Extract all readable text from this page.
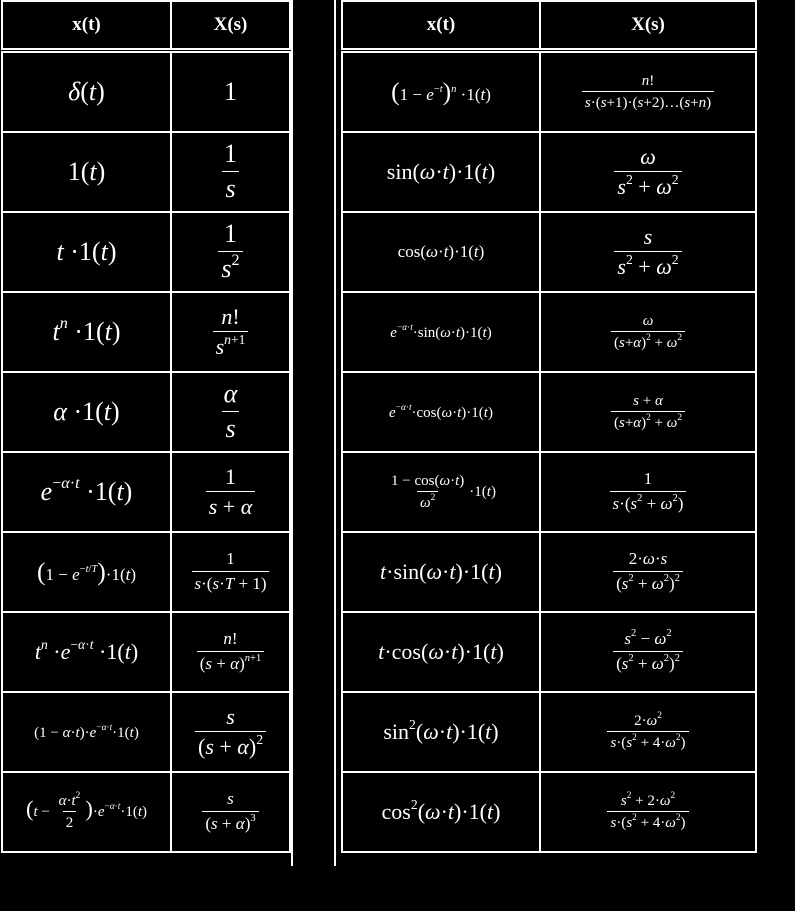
x(t)	X(s)
δ(t)	1
1(t)	$\frac{1}{s}$

t ·1(t)	$\frac{1}{s^2}$

$t^n \cdot 1(t)$	$\frac{n!}{s^{n+1}}$

α ·1(t)	$\frac{\alpha}{s}$

$e^{-\alpha\cdot t} \cdot 1(t)$	$\frac{1}{s + \alpha}$

$(1 - e^{-t/T})\cdot 1(t)$	$\frac{1}{s\cdot(s\cdot T + 1)}$

$t^n \cdot e^{-\alpha\cdot t} \cdot 1(t)$	$\frac{n!}{(s + \alpha)^{n+1}}$

$(1 - \alpha\cdot t)\cdot e^{-\alpha\cdot t}\cdot 1(t)$	$\frac{s}{(s + \alpha)^2}$

$(t - \frac{\alpha\cdot t^2}{2} )\cdot e^{-\alpha\cdot t}\cdot 1(t)$	$\frac{s}{(s + \alpha)^3}$
x(t)	X(s)
$(1 - e^{-t})^n \cdot 1(t)$	$\frac{n!}{s\cdot(s+1)\cdot(s+2)\dots(s+n)}$

sin(ω·t)·1(t)	$\frac{\omega}{s^2 + \omega^2}$

cos(ω·t)·1(t)	$\frac{s}{s^2 + \omega^2}$

$e^{-\alpha\cdot t}\cdot\sin(\omega\cdot t)\cdot 1(t)$	$\frac{\omega}{(s+\alpha)^2 + \omega^2}$

$e^{-\alpha\cdot t}\cdot\cos(\omega\cdot t)\cdot 1(t)$	$\frac{s + \alpha}{(s+\alpha)^2 + \omega^2}$

$\frac{1 - \cos(\omega\cdot t)}{\omega^2} \cdot 1(t)$	$\frac{1}{s\cdot(s^2 + \omega^2)}$

t·sin(ω·t)·1(t)	$\frac{2\cdot\omega\cdot s}{(s^2 + \omega^2)^2}$

t·cos(ω·t)·1(t)	$\frac{s^2 - \omega^2}{(s^2 + \omega^2)^2}$

$\sin^2(\omega\cdot t)\cdot 1(t)$	$\frac{2\cdot\omega^2}{s\cdot(s^2 + 4\cdot\omega^2)}$

$\cos^2(\omega\cdot t)\cdot 1(t)$	$\frac{s^2 + 2\cdot\omega^2}{s\cdot(s^2 + 4\cdot\omega^2)}$
